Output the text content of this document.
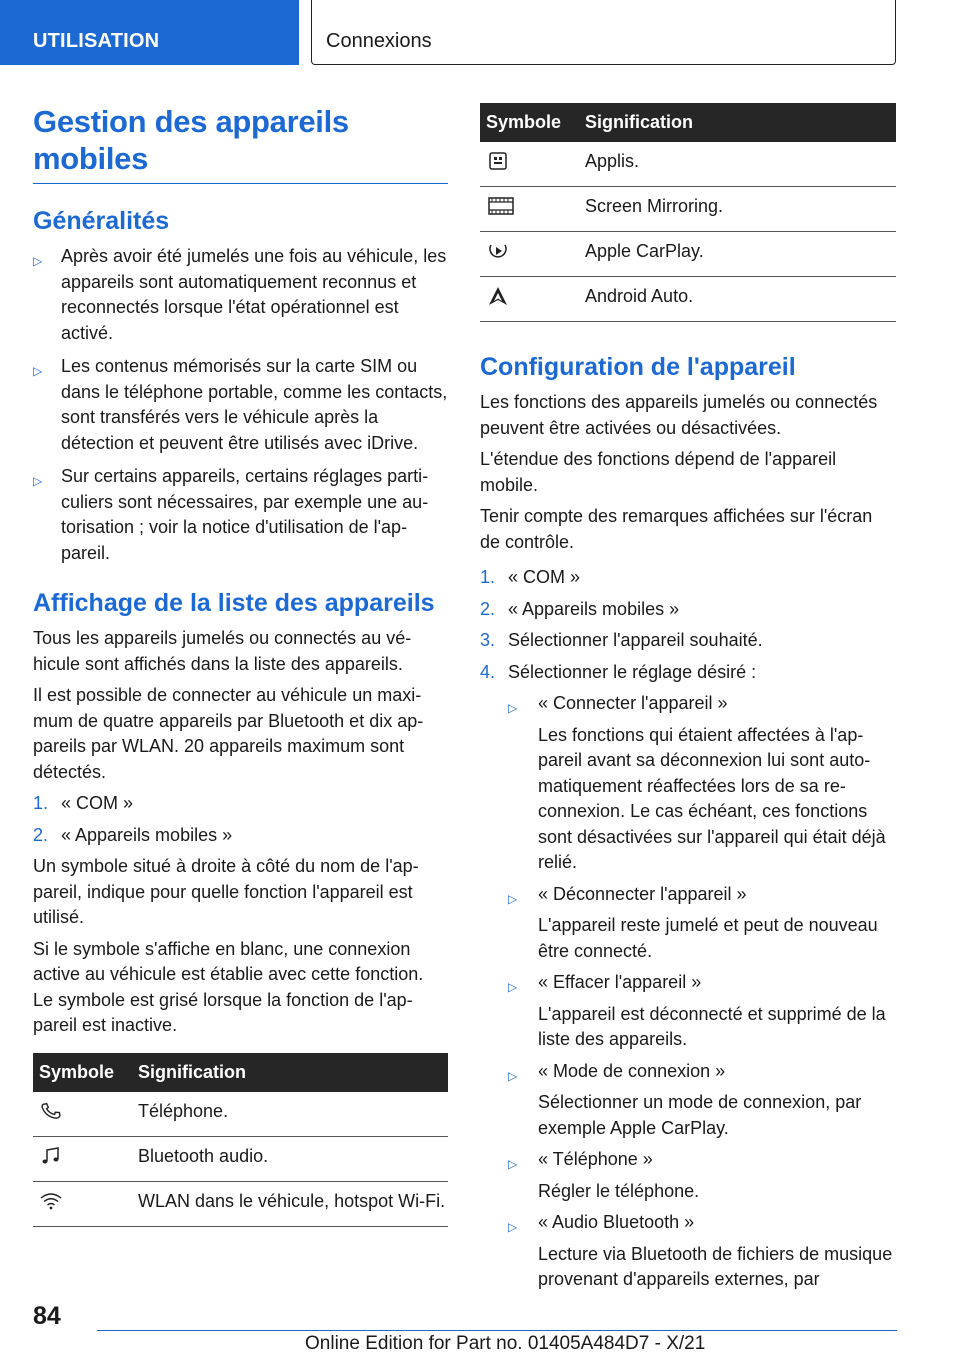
UTILISATION	Connexions
Gestion des appareils mobiles
Généralités
▷ Après avoir été jumelés une fois au véhicule, les appareils sont automatiquement reconnus et reconnectés lorsque l'état opérationnel est activé.
▷ Les contenus mémorisés sur la carte SIM ou dans le téléphone portable, comme les contacts, sont transférés vers le véhicule après la détection et peuvent être utilisés avec iDrive.
▷ Sur certains appareils, certains réglages particuliers sont nécessaires, par exemple une autorisation ; voir la notice d'utilisation de l'appareil.
Affichage de la liste des appareils

Tous les appareils jumelés ou connectés au véhicule sont affichés dans la liste des appareils.

Il est possible de connecter au véhicule un maximum de quatre appareils par Bluetooth et dix appareils par WLAN. 20 appareils maximum sont détectés.

1. « COM »
2. « Appareils mobiles »

Un symbole situé à droite à côté du nom de l'appareil, indique pour quelle fonction l'appareil est utilisé.

Si le symbole s'affiche en blanc, une connexion active au véhicule est établie avec cette fonction. Le symbole est grisé lorsque la fonction de l'appareil est inactive.

Symbole	Signification
	Téléphone.
	Bluetooth audio.
	WLAN dans le véhicule, hotspot Wi-Fi.
Symbole	Signification
	Applis.
	Screen Mirroring.
	Apple CarPlay.
	Android Auto.
Configuration de l'appareil

Les fonctions des appareils jumelés ou connectés peuvent être activées ou désactivées.

L'étendue des fonctions dépend de l'appareil mobile.

Tenir compte des remarques affichées sur l'écran de contrôle.

1. « COM »
2. « Appareils mobiles »
3. Sélectionner l'appareil souhaité.
4. Sélectionner le réglage désiré :
▷ « Connecter l'appareil »
Les fonctions qui étaient affectées à l'appareil avant sa déconnexion lui sont automatiquement réaffectées lors de sa reconnexion. Le cas échéant, ces fonctions sont désactivées sur l'appareil qui était déjà relié.
▷ « Déconnecter l'appareil »
L'appareil reste jumelé et peut de nouveau être connecté.
▷ « Effacer l'appareil »
L'appareil est déconnecté et supprimé de la liste des appareils.
▷ « Mode de connexion »
Sélectionner un mode de connexion, par exemple Apple CarPlay.
▷ « Téléphone »
Régler le téléphone.
▷ « Audio Bluetooth »
Lecture via Bluetooth de fichiers de musique provenant d'appareils externes, par
84
Online Edition for Part no. 01405A484D7 - X/21
